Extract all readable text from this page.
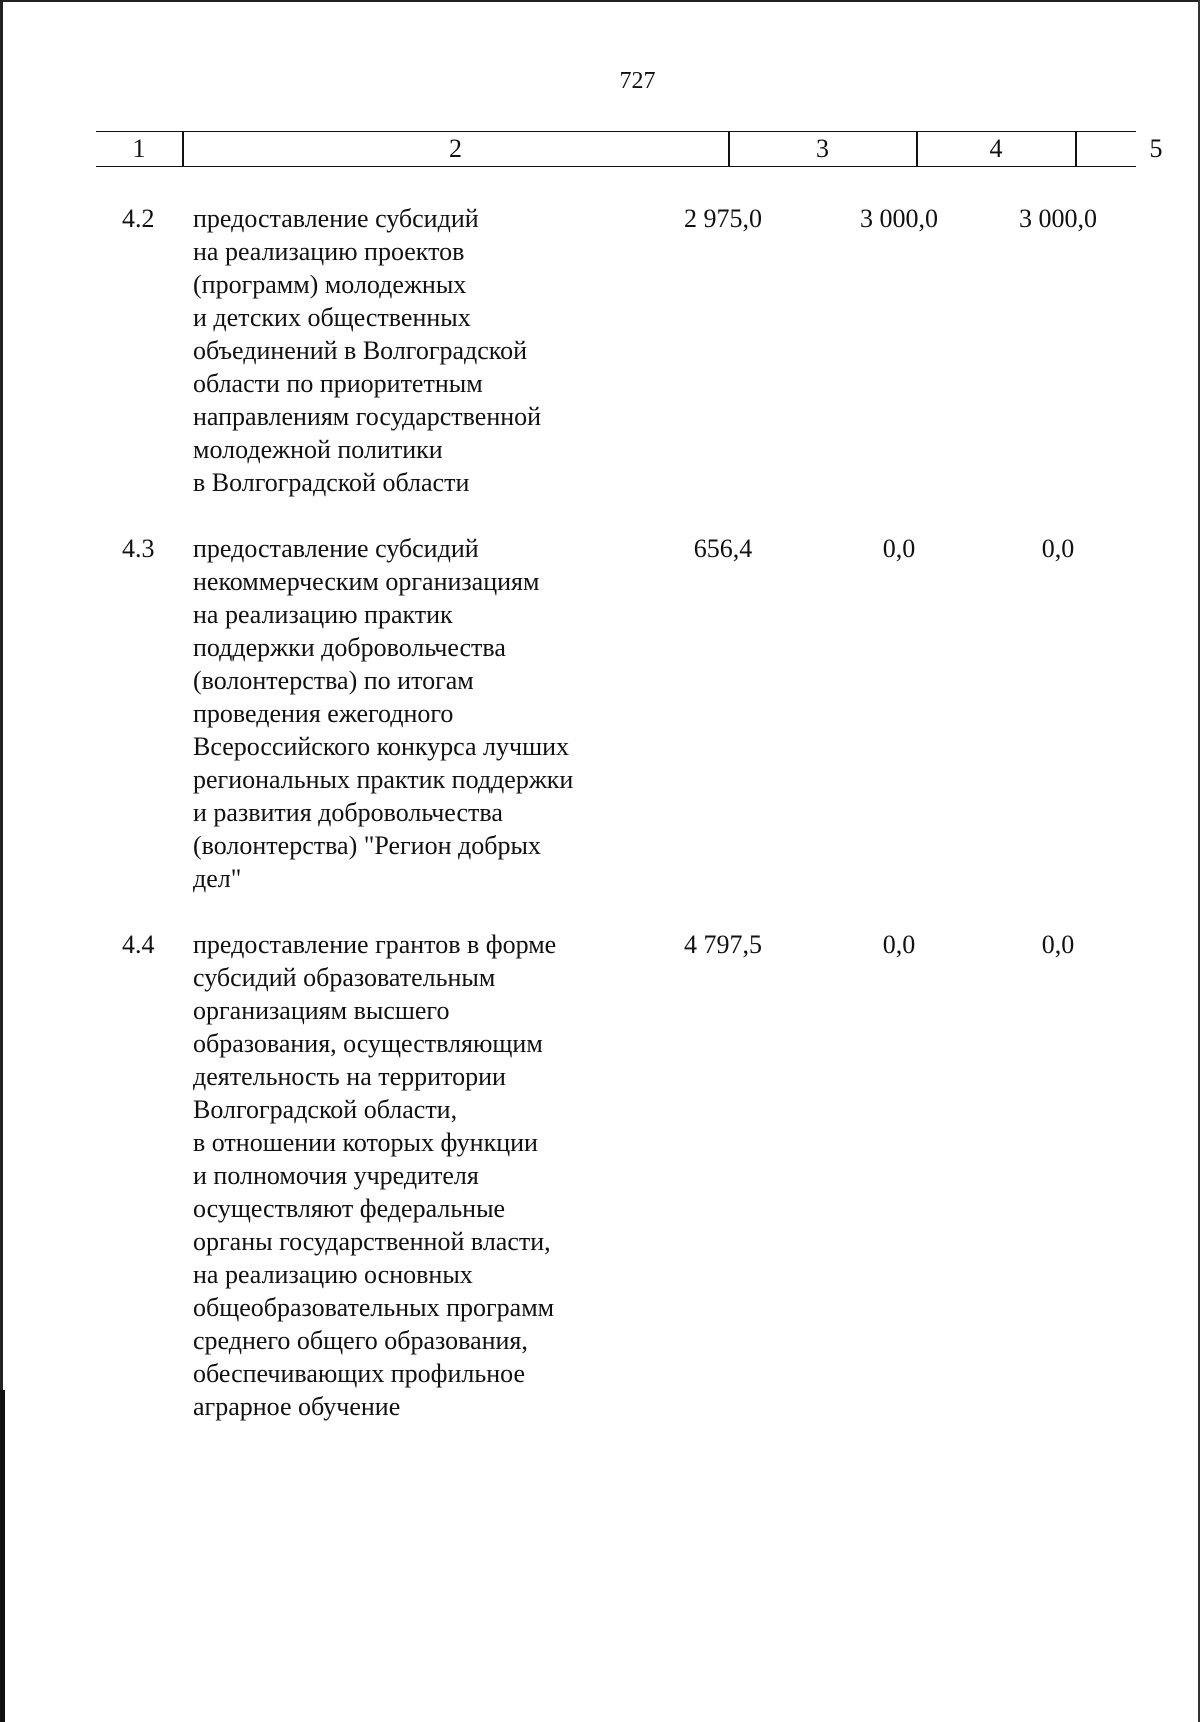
727
1	2	3	4	5
4.2 предоставление субсидий
на реализацию проектов
(программ) молодежных
и детских общественных
объединений в Волгоградской
области по приоритетным
направлениям государственной
молодежной политики
в Волгоградской области
2 975,0	3 000,0	3 000,0
4.3 предоставление субсидий
некоммерческим организациям
на реализацию практик
поддержки добровольчества
(волонтерства) по итогам
проведения ежегодного
Всероссийского конкурса лучших
региональных практик поддержки
и развития добровольчества
(волонтерства) "Регион добрых
дел"
656,4	0,0	0,0
4.4 предоставление грантов в форме
субсидий образовательным
организациям высшего
образования, осуществляющим
деятельность на территории
Волгоградской области,
в отношении которых функции
и полномочия учредителя
осуществляют федеральные
органы государственной власти,
на реализацию основных
общеобразовательных программ
среднего общего образования,
обеспечивающих профильное
аграрное обучение
4 797,5	0,0	0,0
